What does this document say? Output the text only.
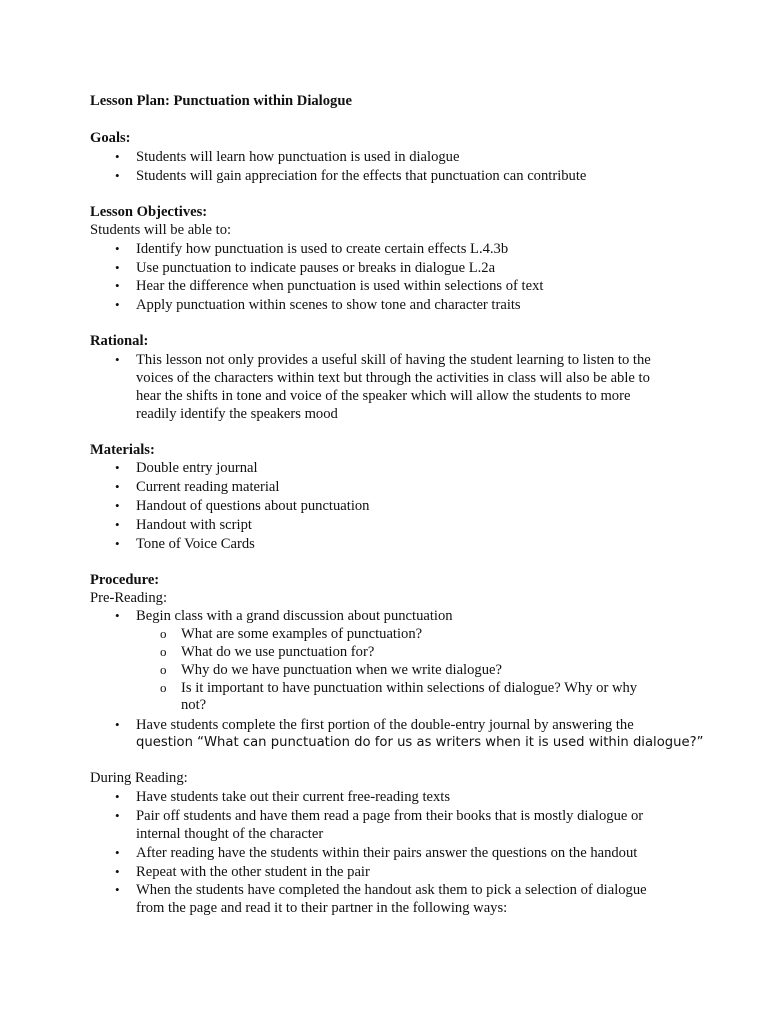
Lesson Plan: Punctuation within Dialogue
Goals:
• Students will learn how punctuation is used in dialogue
• Students will gain appreciation for the effects that punctuation can contribute
Lesson Objectives:
Students will be able to:
• Identify how punctuation is used to create certain effects L.4.3b
• Use punctuation to indicate pauses or breaks in dialogue L.2a
• Hear the difference when punctuation is used within selections of text
• Apply punctuation within scenes to show tone and character traits
Rational:
• This lesson not only provides a useful skill of having the student learning to listen to the
voices of the characters within text but through the activities in class will also be able to
hear the shifts in tone and voice of the speaker which will allow the students to more
readily identify the speakers mood
Materials:
• Double entry journal
• Current reading material
• Handout of questions about punctuation
• Handout with script
• Tone of Voice Cards
Procedure:
Pre-Reading:
• Begin class with a grand discussion about punctuation
o What are some examples of punctuation?
o What do we use punctuation for?
o Why do we have punctuation when we write dialogue?
o Is it important to have punctuation within selections of dialogue? Why or why
not?
• Have students complete the first portion of the double-entry journal by answering the
question “What can punctuation do for us as writers when it is used within dialogue?”
During Reading:
• Have students take out their current free-reading texts
• Pair off students and have them read a page from their books that is mostly dialogue or
internal thought of the character
• After reading have the students within their pairs answer the questions on the handout
• Repeat with the other student in the pair
• When the students have completed the handout ask them to pick a selection of dialogue
from the page and read it to their partner in the following ways:
